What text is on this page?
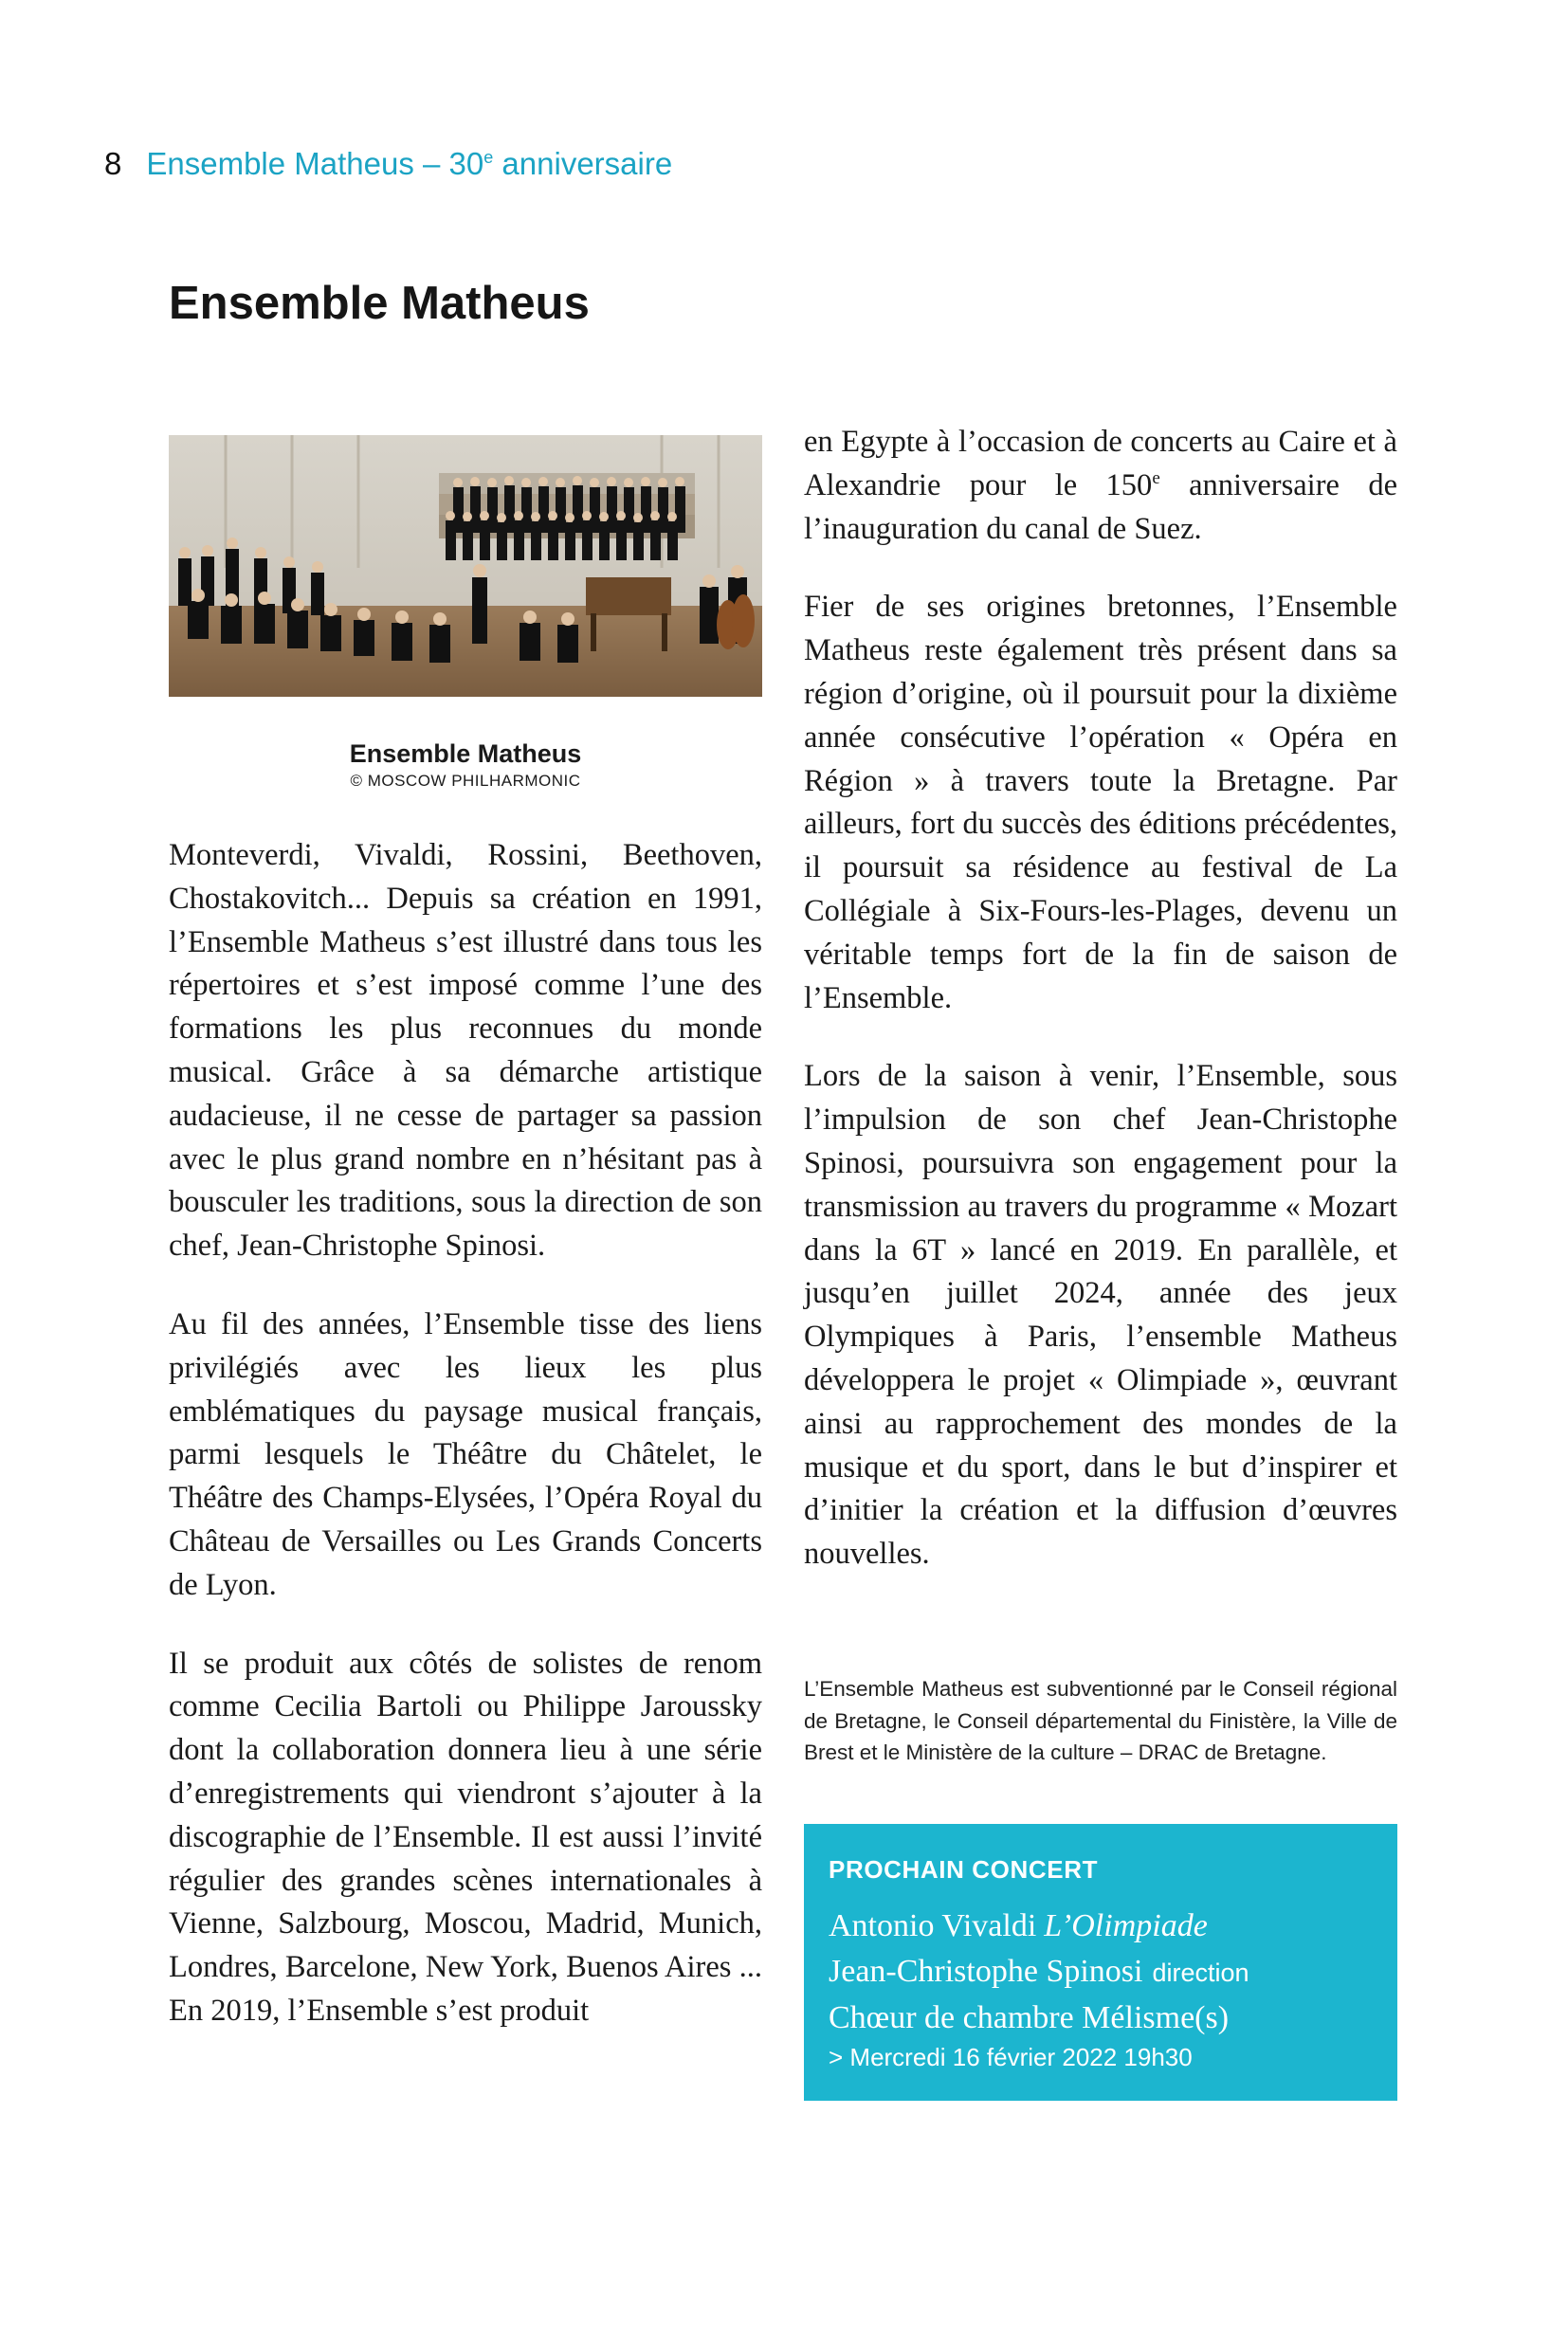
8 Ensemble Matheus – 30e anniversaire
Ensemble Matheus
Ensemble Matheus
© MOSCOW PHILHARMONIC

Monteverdi, Vivaldi, Rossini, Beethoven, Chostakovitch... Depuis sa création en 1991, l’Ensemble Matheus s’est illustré dans tous les répertoires et s’est imposé comme l’une des formations les plus reconnues du monde musical. Grâce à sa démarche artistique audacieuse, il ne cesse de partager sa passion avec le plus grand nombre en n’hésitant pas à bousculer les traditions, sous la direction de son chef, Jean-Christophe Spinosi.

Au fil des années, l’Ensemble tisse des liens privilégiés avec les lieux les plus emblématiques du paysage musical français, parmi lesquels le Théâtre du Châtelet, le Théâtre des Champs-Elysées, l’Opéra Royal du Château de Versailles ou Les Grands Concerts de Lyon.

Il se produit aux côtés de solistes de renom comme Cecilia Bartoli ou Philippe Jaroussky dont la collaboration donnera lieu à une série d’enregistrements qui viendront s’ajouter à la discographie de l’Ensemble. Il est aussi l’invité régulier des grandes scènes internationales à Vienne, Salzbourg, Moscou, Madrid, Munich, Londres, Barcelone, New York, Buenos Aires ... En 2019, l’Ensemble s’est produit

en Egypte à l’occasion de concerts au Caire et à Alexandrie pour le 150e anniversaire de l’inauguration du canal de Suez.

Fier de ses origines bretonnes, l’Ensemble Matheus reste également très présent dans sa région d’origine, où il poursuit pour la dixième année consécutive l’opération « Opéra en Région » à travers toute la Bretagne. Par ailleurs, fort du succès des éditions précédentes, il poursuit sa résidence au festival de La Collégiale à Six-Fours-les-Plages, devenu un véritable temps fort de la fin de saison de l’Ensemble.

Lors de la saison à venir, l’Ensemble, sous l’impulsion de son chef Jean-Christophe Spinosi, poursuivra son engagement pour la transmission au travers du programme « Mozart dans la 6T » lancé en 2019. En parallèle, et jusqu’en juillet 2024, année des jeux Olympiques à Paris, l’ensemble Matheus développera le projet « Olimpiade », œuvrant ainsi au rapprochement des mondes de la musique et du sport, dans le but d’inspirer et d’initier la création et la diffusion d’œuvres nouvelles.

L’Ensemble Matheus est subventionné par le Conseil régional de Bretagne, le Conseil départemental du Finistère, la Ville de Brest et le Ministère de la culture – DRAC de Bretagne.

PROCHAIN CONCERT
Antonio Vivaldi L’Olimpiade
Jean-Christophe Spinosi direction
Chœur de chambre Mélisme(s)
> Mercredi 16 février 2022 19h30
